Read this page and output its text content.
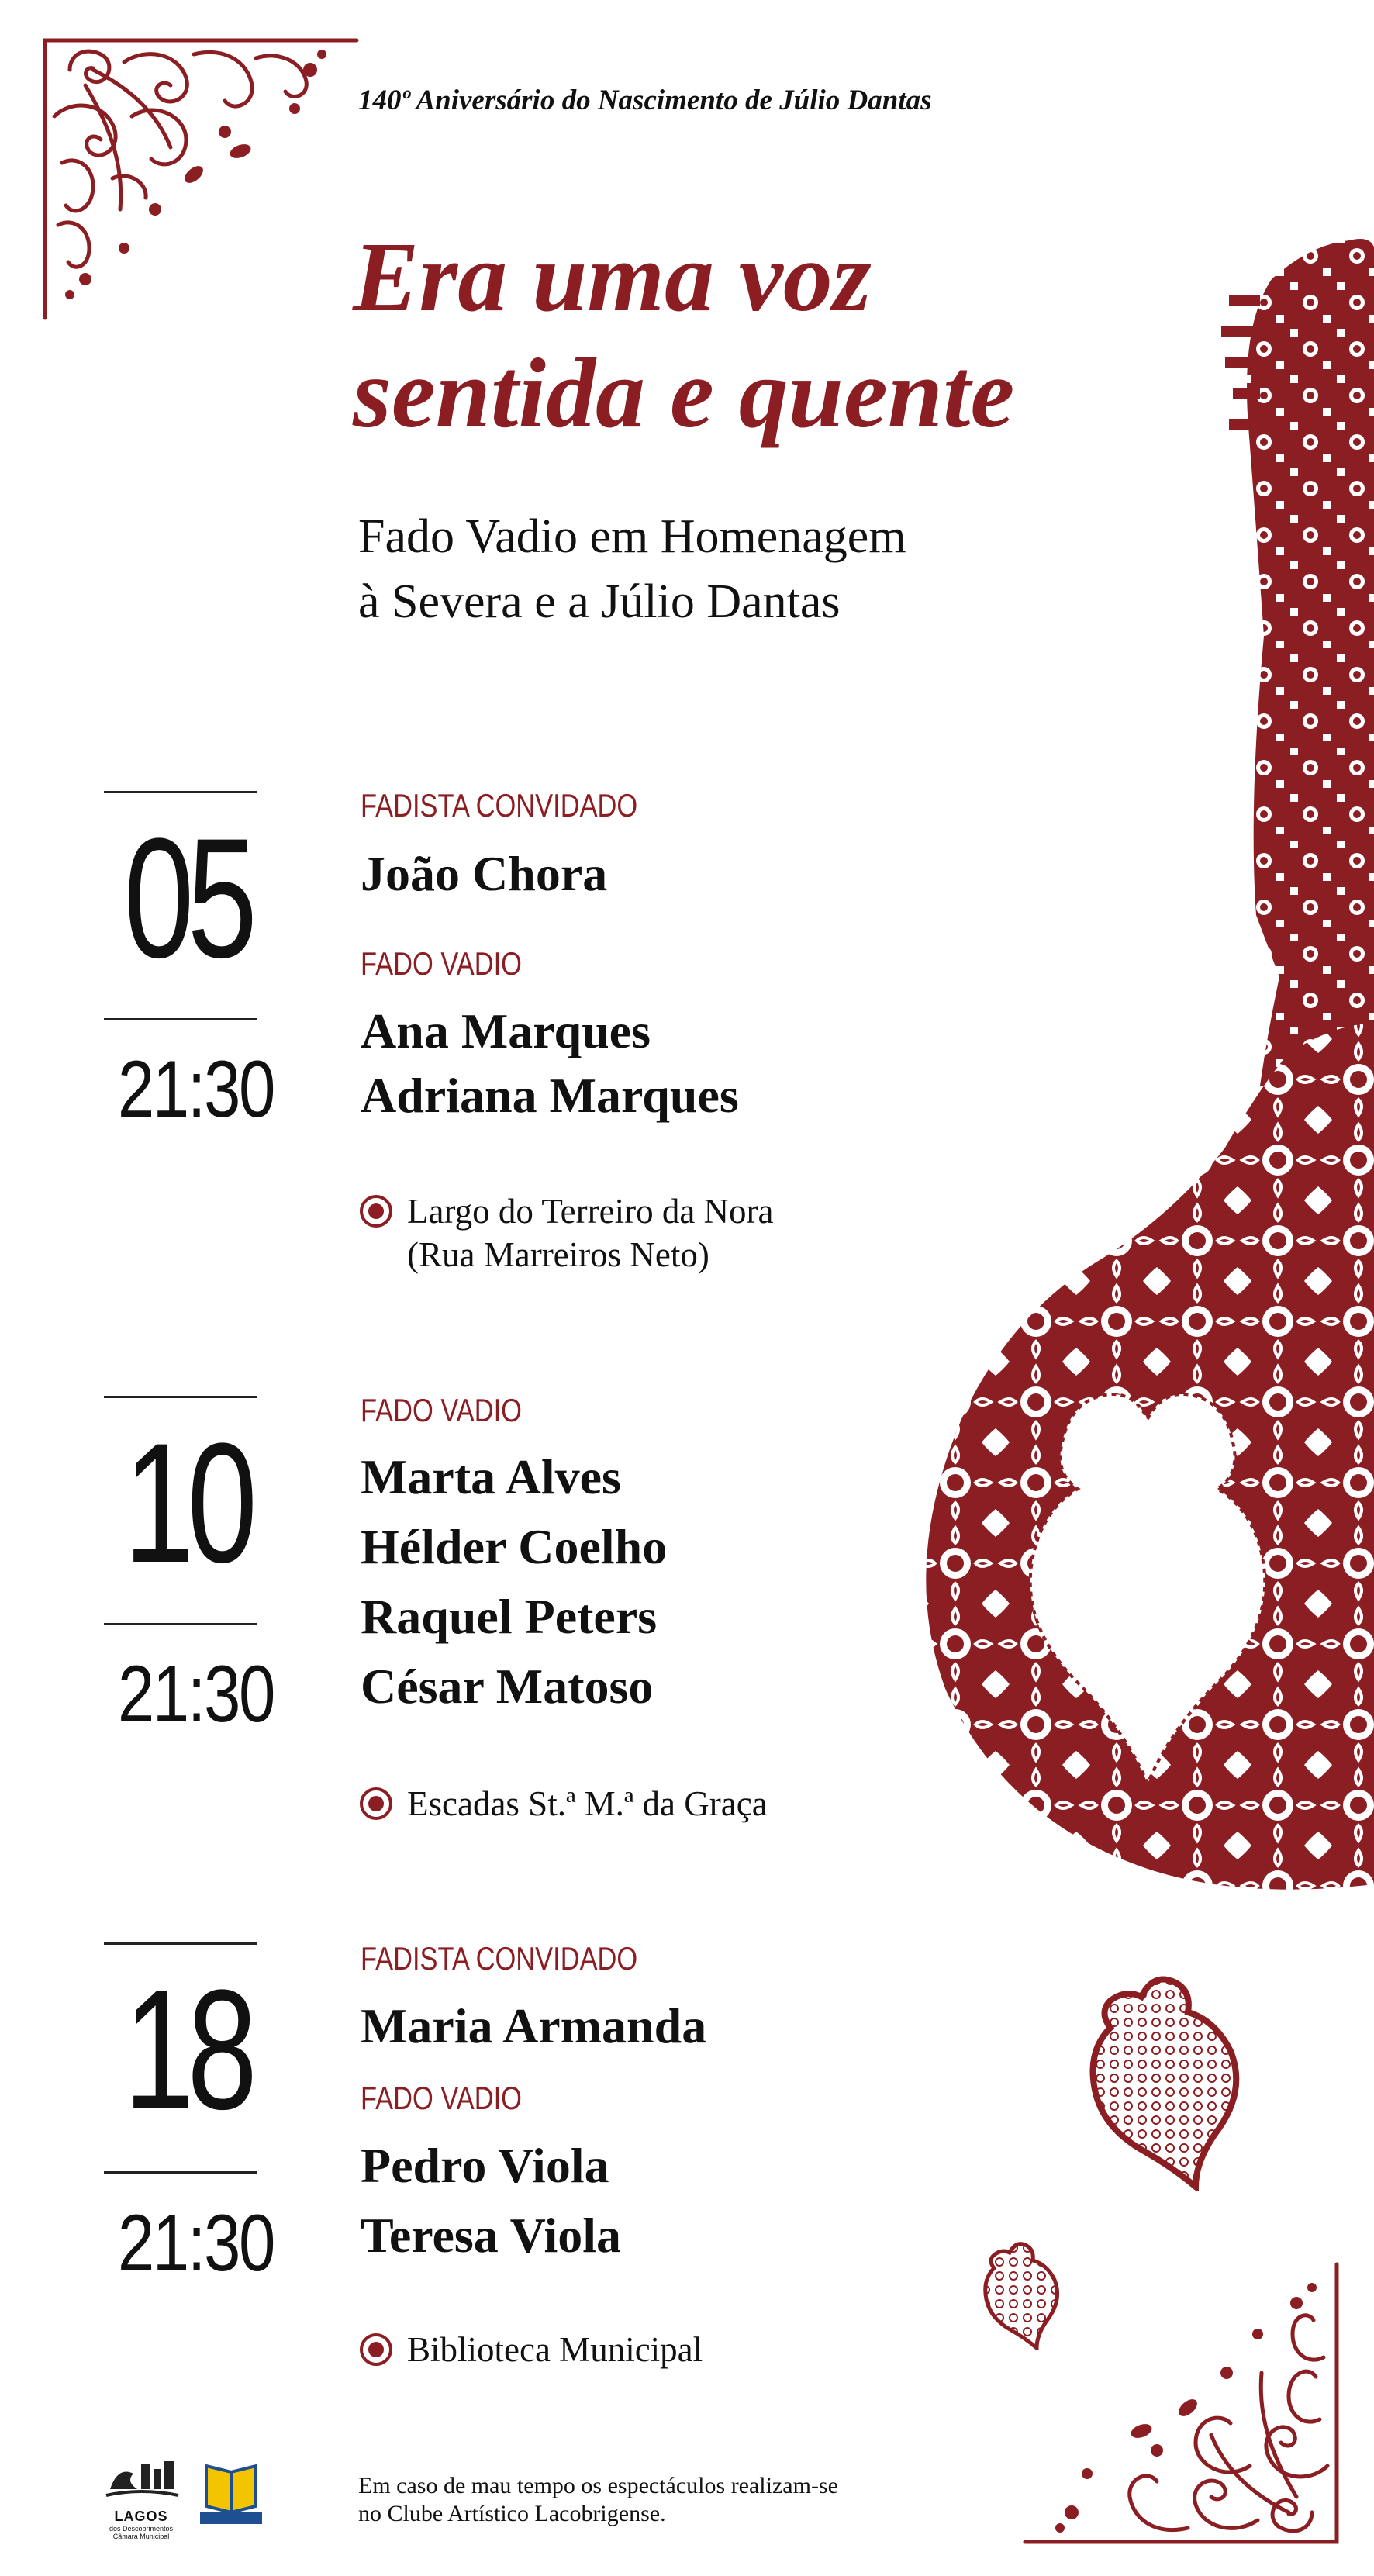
140º Aniversário do Nascimento de Júlio Dantas
Era uma voz
sentida e quente
Fado Vadio em Homenagem
à Severa e a Júlio Dantas
05
21:30
FADISTA CONVIDADO
João Chora
FADO VADIO
Ana Marques
Adriana Marques
Largo do Terreiro da Nora
(Rua Marreiros Neto)
10
21:30
FADO VADIO
Marta Alves
Hélder Coelho
Raquel Peters
César Matoso
Escadas St.ª M.ª da Graça
18
21:30
FADISTA CONVIDADO
Maria Armanda
FADO VADIO
Pedro Viola
Teresa Viola
Biblioteca Municipal
LAGOS
dos Descobrimentos
Câmara Municipal
Em caso de mau tempo os espectáculos realizam-se
no Clube Artístico Lacobrigense.
